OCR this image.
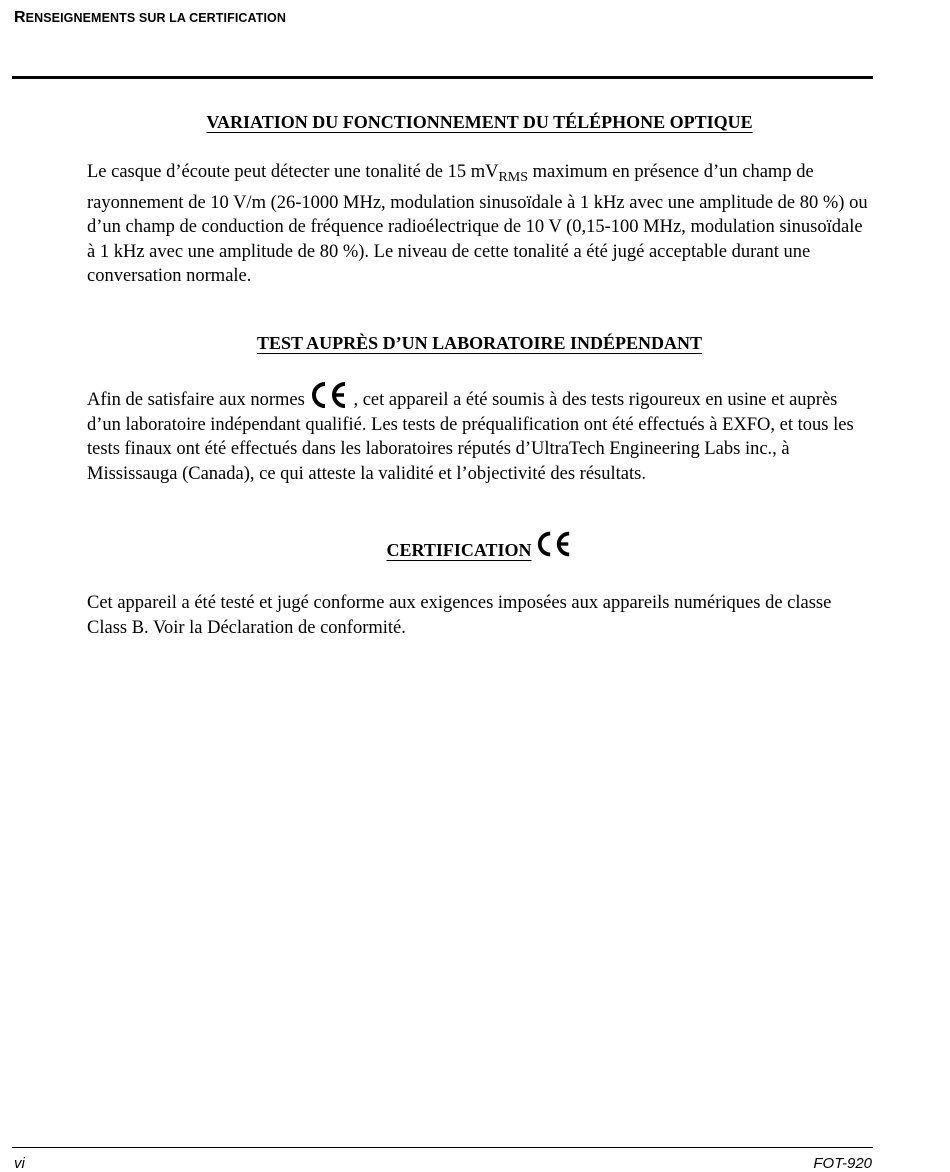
RENSEIGNEMENTS SUR LA CERTIFICATION
VARIATION DU FONCTIONNEMENT DU TÉLÉPHONE OPTIQUE
Le casque d’écoute peut détecter une tonalité de 15 $mV_{RMS}$ maximum en présence d’un champ de rayonnement de 10 V/m (26-1000 MHz, modulation sinusoïdale à 1 kHz avec une amplitude de 80 %) ou d’un champ de conduction de fréquence radioélectrique de 10 V (0,15-100 MHz, modulation sinusoïdale à 1 kHz avec une amplitude de 80 %). Le niveau de cette tonalité a été jugé acceptable durant une conversation normale.
TEST AUPRÈS D’UN LABORATOIRE INDÉPENDANT
Afin de satisfaire aux normes
, cet appareil a été soumis à des tests rigoureux en usine et auprès d’un laboratoire indépendant qualifié. Les tests de préqualification ont été effectués à EXFO, et tous les tests finaux ont été effectués dans les laboratoires réputés d’UltraTech Engineering Labs inc., à Mississauga (Canada), ce qui atteste la validité et l’objectivité des résultats.
CERTIFICATION
Cet appareil a été testé et jugé conforme aux exigences imposées aux appareils numériques de classe Class B. Voir la Déclaration de conformité.
vi	FOT-920
